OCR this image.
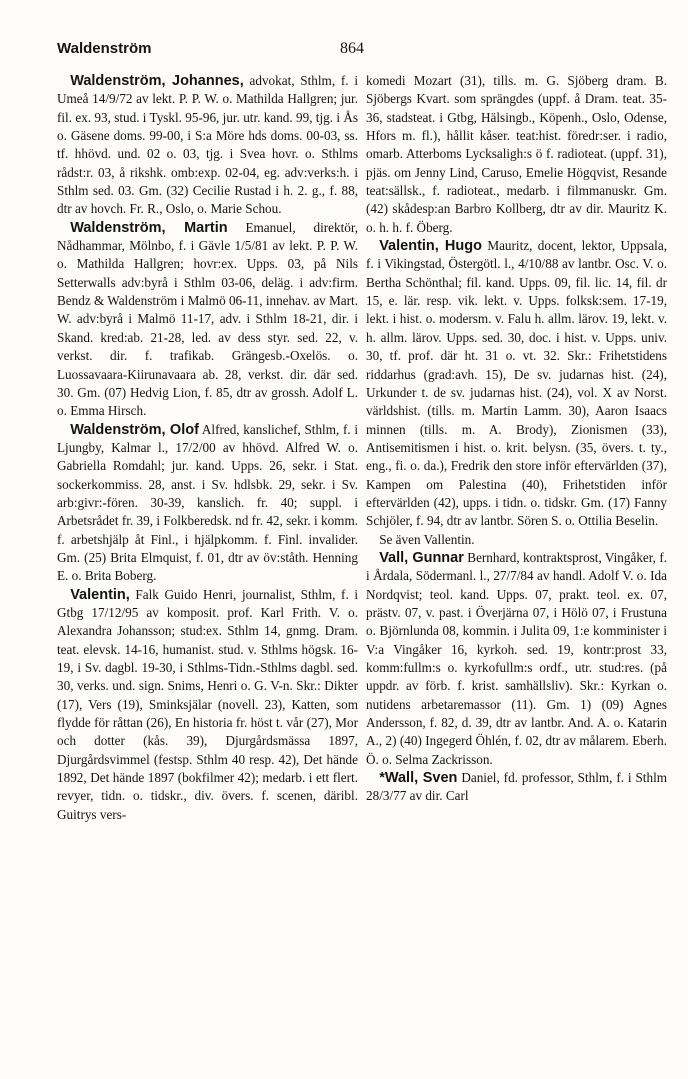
Waldenström	864

Waldenström, Johannes, advokat, Sthlm, f. i Umeå 14/9/72 av lekt. P. P. W. o. Mathilda Hallgren; jur. fil. ex. 93, stud. i Tyskl. 95-96, jur. utr. kand. 99, tjg. i Ås o. Gäsene doms. 99-00, i S:a Möre hds doms. 00-03, ss. tf. hhövd. und. 02 o. 03, tjg. i Svea hovr. o. Sthlms rådst:r. 03, å rikshk. omb:exp. 02-04, eg. adv:verks:h. i Sthlm sed. 03. Gm. (32) Cecilie Rustad i h. 2. g., f. 88, dtr av hovch. Fr. R., Oslo, o. Marie Schou.

Waldenström, Martin Emanuel, direktör, Nådhammar, Mölnbo, f. i Gävle 1/5/81 av lekt. P. P. W. o. Mathilda Hallgren; hovr:ex. Upps. 03, på Nils Setterwalls adv:byrå i Sthlm 03-06, deläg. i adv:firm. Bendz & Waldenström i Malmö 06-11, innehav. av Mart. W. adv:byrå i Malmö 11-17, adv. i Sthlm 18-21, dir. i Skand. kred:ab. 21-28, led. av dess styr. sed. 22, v. verkst. dir. f. trafikab. Grängesb.-Oxelös. o. Luossavaara-Kiirunavaara ab. 28, verkst. dir. där sed. 30. Gm. (07) Hedvig Lion, f. 85, dtr av grossh. Adolf L. o. Emma Hirsch.

Waldenström, Olof Alfred, kanslichef, Sthlm, f. i Ljungby, Kalmar l., 17/2/00 av hhövd. Alfred W. o. Gabriella Romdahl; jur. kand. Upps. 26, sekr. i Stat. sockerkommiss. 28, anst. i Sv. hdlsbk. 29, sekr. i Sv. arb:givr:-fören. 30-39, kanslich. fr. 40; suppl. i Arbetsrådet fr. 39, i Folkberedsk. nd fr. 42, sekr. i komm. f. arbetshjälp åt Finl., i hjälpkomm. f. Finl. invalider. Gm. (25) Brita Elmquist, f. 01, dtr av öv:ståth. Henning E. o. Brita Boberg.

Valentin, Falk Guido Henri, journalist, Sthlm, f. i Gtbg 17/12/95 av komposit. prof. Karl Frith. V. o. Alexandra Johansson; stud:ex. Sthlm 14, gnmg. Dram. teat. elevsk. 14-16, humanist. stud. v. Sthlms högsk. 16-19, i Sv. dagbl. 19-30, i Sthlms-Tidn.-Sthlms dagbl. sed. 30, verks. und. sign. Snims, Henri o. G. V-n. Skr.: Dikter (17), Vers (19), Sminksjälar (novell. 23), Katten, som flydde för råttan (26), En historia fr. höst t. vår (27), Mor och dotter (kås. 39), Djurgårdsmässa 1897, Djurgårdsvimmel (festsp. Sthlm 40 resp. 42), Det hände 1892, Det hände 1897 (bokfilmer 42); medarb. i ett flert. revyer, tidn. o. tidskr., div. övers. f. scenen, däribl. Guitrys vers-

komedi Mozart (31), tills. m. G. Sjöberg dram. B. Sjöbergs Kvart. som sprängdes (uppf. å Dram. teat. 35-36, stadsteat. i Gtbg, Hälsingb., Köpenh., Oslo, Odense, Hfors m. fl.), hållit kåser. teat:hist. föredr:ser. i radio, omarb. Atterboms Lycksaligh:s ö f. radioteat. (uppf. 31), pjäs. om Jenny Lind, Caruso, Emelie Högqvist, Resande teat:sällsk., f. radioteat., medarb. i filmmanuskr. Gm. (42) skådesp:an Barbro Kollberg, dtr av dir. Mauritz K. o. h. h. f. Öberg.

Valentin, Hugo Mauritz, docent, lektor, Uppsala, f. i Vikingstad, Östergötl. l., 4/10/88 av lantbr. Osc. V. o. Bertha Schönthal; fil. kand. Upps. 09, fil. lic. 14, fil. dr 15, e. lär. resp. vik. lekt. v. Upps. folksk:sem. 17-19, lekt. i hist. o. modersm. v. Falu h. allm. lärov. 19, lekt. v. h. allm. lärov. Upps. sed. 30, doc. i hist. v. Upps. univ. 30, tf. prof. där ht. 31 o. vt. 32. Skr.: Frihetstidens riddarhus (grad:avh. 15), De sv. judarnas hist. (24), Urkunder t. de sv. judarnas hist. (24), vol. X av Norst. världshist. (tills. m. Martin Lamm. 30), Aaron Isaacs minnen (tills. m. A. Brody), Zionismen (33), Antisemitismen i hist. o. krit. belysn. (35, övers. t. ty., eng., fi. o. da.), Fredrik den store inför eftervärlden (37), Kampen om Palestina (40), Frihetstiden inför eftervärlden (42), upps. i tidn. o. tidskr. Gm. (17) Fanny Schjöler, f. 94, dtr av lantbr. Sören S. o. Ottilia Beselin.

Se även Vallentin.

Vall, Gunnar Bernhard, kontraktsprost, Vingåker, f. i Årdala, Södermanl. l., 27/7/84 av handl. Adolf V. o. Ida Nordqvist; teol. kand. Upps. 07, prakt. teol. ex. 07, prästv. 07, v. past. i Överjärna 07, i Hölö 07, i Frustuna o. Björnlunda 08, kommin. i Julita 09, 1:e komminister i V:a Vingåker 16, kyrkoh. sed. 19, kontr:prost 33, komm:fullm:s o. kyrkofullm:s ordf., utr. stud:res. (på uppdr. av förb. f. krist. samhällsliv). Skr.: Kyrkan o. nutidens arbetaremassor (11). Gm. 1) (09) Agnes Andersson, f. 82, d. 39, dtr av lantbr. And. A. o. Katarin A., 2) (40) Ingegerd Öhlén, f. 02, dtr av målarem. Eberh. Ö. o. Selma Zackrisson.

*Wall, Sven Daniel, fd. professor, Sthlm, f. i Sthlm 28/3/77 av dir. Carl
